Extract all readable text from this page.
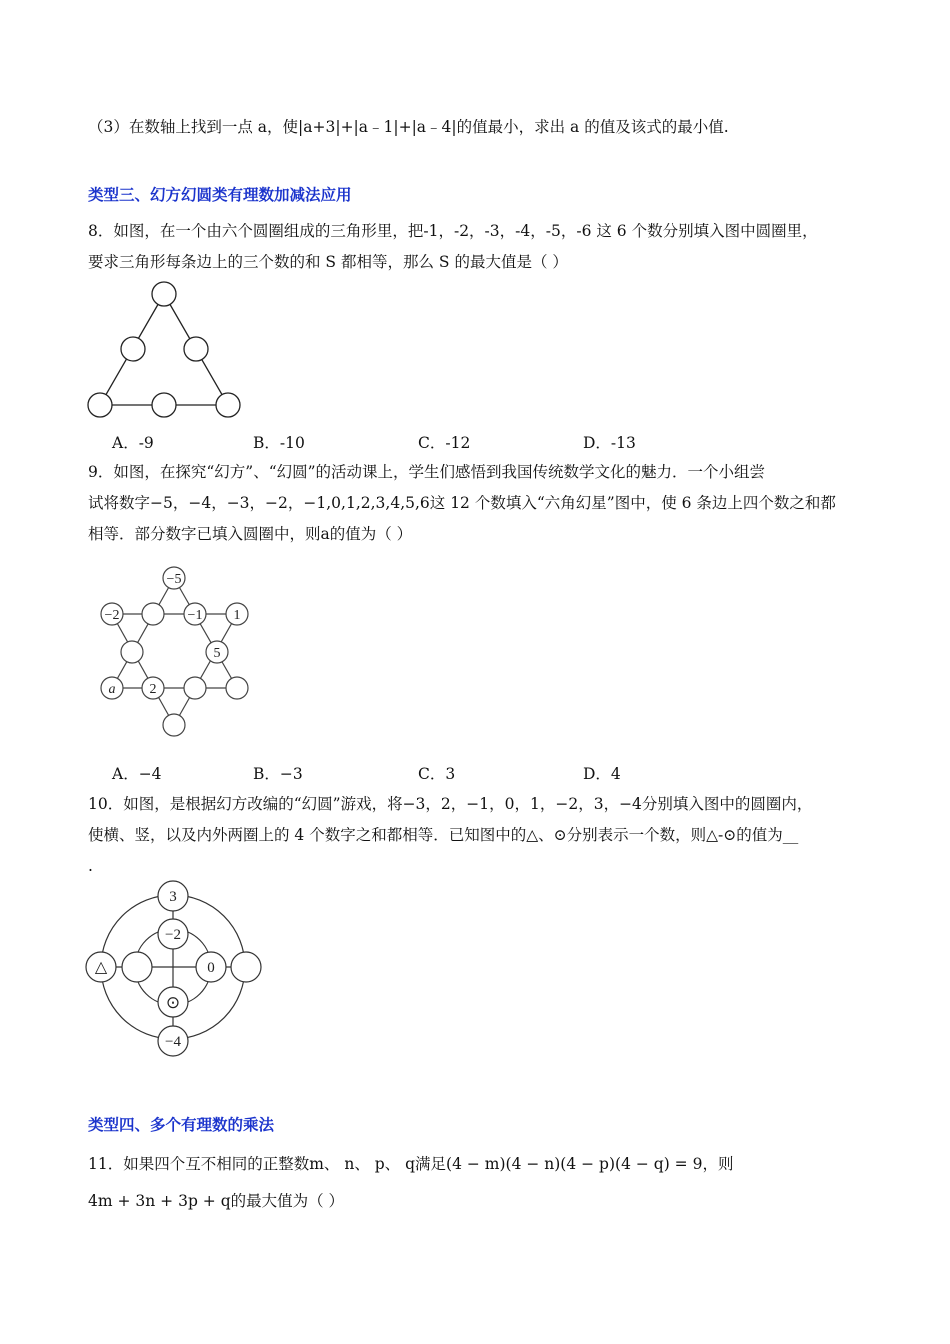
（3）在数轴上找到一点 a，使|a+3|+|a﹣1|+|a﹣4|的值最小，求出 a 的值及该式的最小值.
类型三、幻方幻圆类有理数加减法应用
8．如图，在一个由六个圆圈组成的三角形里，把-1，-2，-3，-4，-5，-6 这 6 个数分别填入图中圆圈里，
要求三角形每条边上的三个数的和 S 都相等，那么 S 的最大值是（ ）
A．-9	B．-10	C．-12	D．-13
9．如图，在探究“幻方”、“幻圆”的活动课上，学生们感悟到我国传统数学文化的魅力．一个小组尝
试将数字−5，−4，−3，−2，−1,0,1,2,3,4,5,6这 12 个数填入“六角幻星”图中，使 6 条边上四个数之和都
相等．部分数字已填入圆圈中，则a的值为（ ）
−5
−2	−1 1
5
a 2
A．−4	B．−3	C．3	D．4
10．如图，是根据幻方改编的“幻圆”游戏，将−3，2，−1，0，1，−2，3，−4分别填入图中的圆圈内，
使横、竖，以及内外两圈上的 4 个数字之和都相等．已知图中的△、⊙分别表示一个数，则△-⊙的值为__
.
3
−2
0
△
⊙
−4
类型四、多个有理数的乘法
11．如果四个互不相同的正整数m、 n、 p、 q满足(4 − m)(4 − n)(4 − p)(4 − q) = 9，则
4m + 3n + 3p + q的最大值为（ ）
